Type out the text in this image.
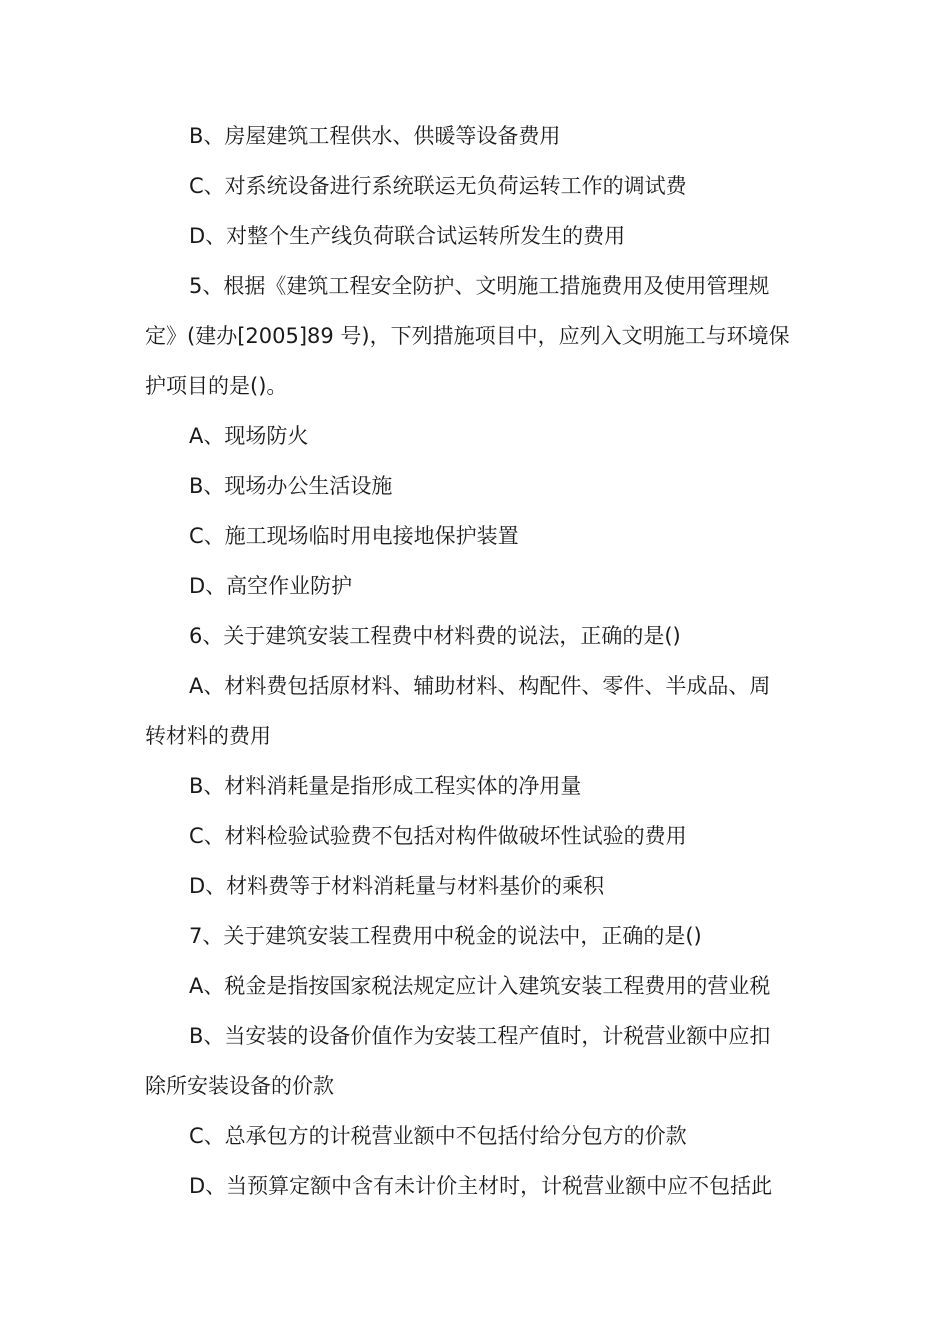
B、房屋建筑工程供水、供暖等设备费用
C、对系统设备进行系统联运无负荷运转工作的调试费
D、对整个生产线负荷联合试运转所发生的费用
5、根据《建筑工程安全防护、文明施工措施费用及使用管理规
定》(建办[2005]89 号)，下列措施项目中，应列入文明施工与环境保
护项目的是()。
A、现场防火
B、现场办公生活设施
C、施工现场临时用电接地保护装置
D、高空作业防护
6、关于建筑安装工程费中材料费的说法，正确的是()
A、材料费包括原材料、辅助材料、构配件、零件、半成品、周
转材料的费用
B、材料消耗量是指形成工程实体的净用量
C、材料检验试验费不包括对构件做破坏性试验的费用
D、材料费等于材料消耗量与材料基价的乘积
7、关于建筑安装工程费用中税金的说法中，正确的是()
A、税金是指按国家税法规定应计入建筑安装工程费用的营业税
B、当安装的设备价值作为安装工程产值时，计税营业额中应扣
除所安装设备的价款
C、总承包方的计税营业额中不包括付给分包方的价款
D、当预算定额中含有未计价主材时，计税营业额中应不包括此
